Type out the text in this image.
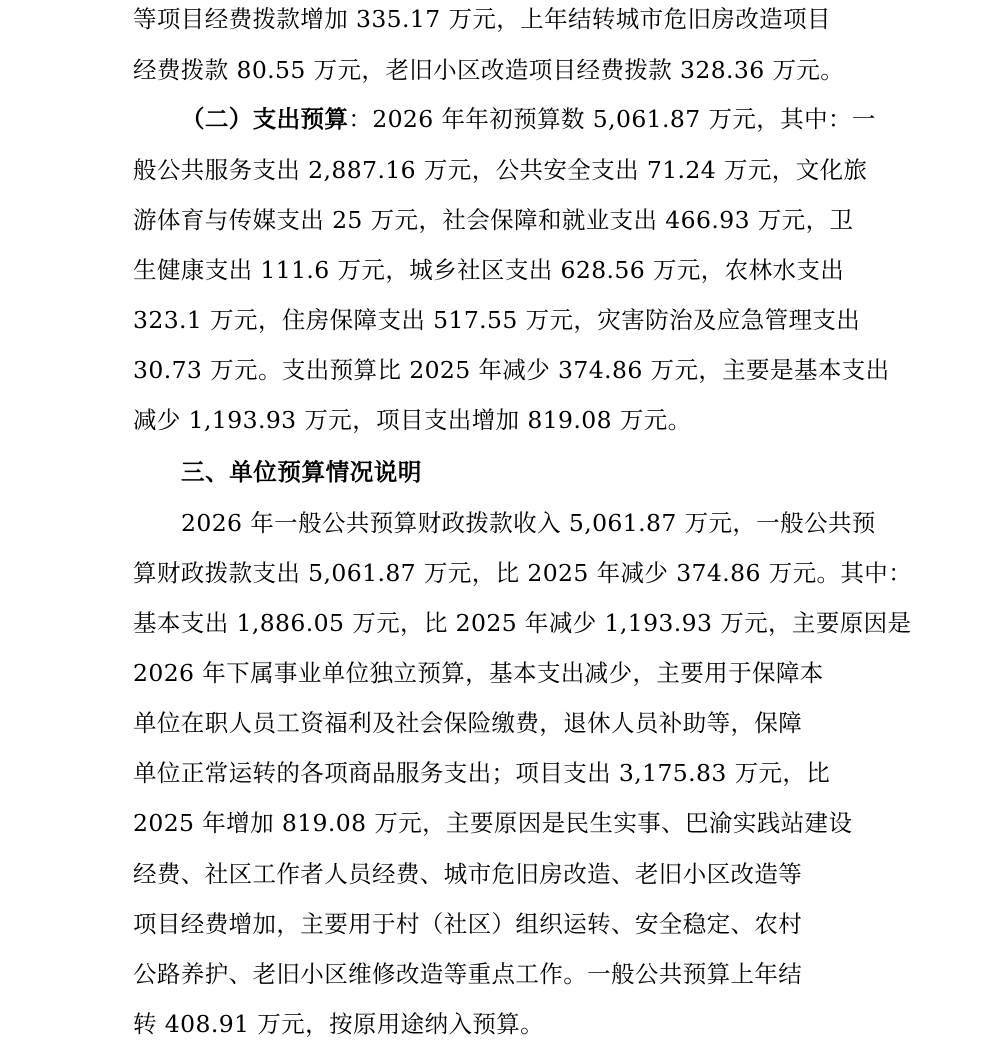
等项目经费拨款增加 335.17 万元，上年结转城市危旧房改造项目
经费拨款 80.55 万元，老旧小区改造项目经费拨款 328.36 万元。
（二）支出预算：2026 年年初预算数 5,061.87 万元，其中：一
般公共服务支出 2,887.16 万元，公共安全支出 71.24 万元，文化旅
游体育与传媒支出 25 万元，社会保障和就业支出 466.93 万元，卫
生健康支出 111.6 万元，城乡社区支出 628.56 万元，农林水支出
323.1 万元，住房保障支出 517.55 万元，灾害防治及应急管理支出
30.73 万元。支出预算比 2025 年减少 374.86 万元，主要是基本支出
减少 1,193.93 万元，项目支出增加 819.08 万元。
三、单位预算情况说明
2026 年一般公共预算财政拨款收入 5,061.87 万元，一般公共预
算财政拨款支出 5,061.87 万元，比 2025 年减少 374.86 万元。其中：
基本支出 1,886.05 万元，比 2025 年减少 1,193.93 万元，主要原因是
2026 年下属事业单位独立预算，基本支出减少，主要用于保障本
单位在职人员工资福利及社会保险缴费，退休人员补助等，保障
单位正常运转的各项商品服务支出；项目支出 3,175.83 万元，比
2025 年增加 819.08 万元，主要原因是民生实事、巴渝实践站建设
经费、社区工作者人员经费、城市危旧房改造、老旧小区改造等
项目经费增加，主要用于村（社区）组织运转、安全稳定、农村
公路养护、老旧小区维修改造等重点工作。一般公共预算上年结
转 408.91 万元，按原用途纳入预算。
